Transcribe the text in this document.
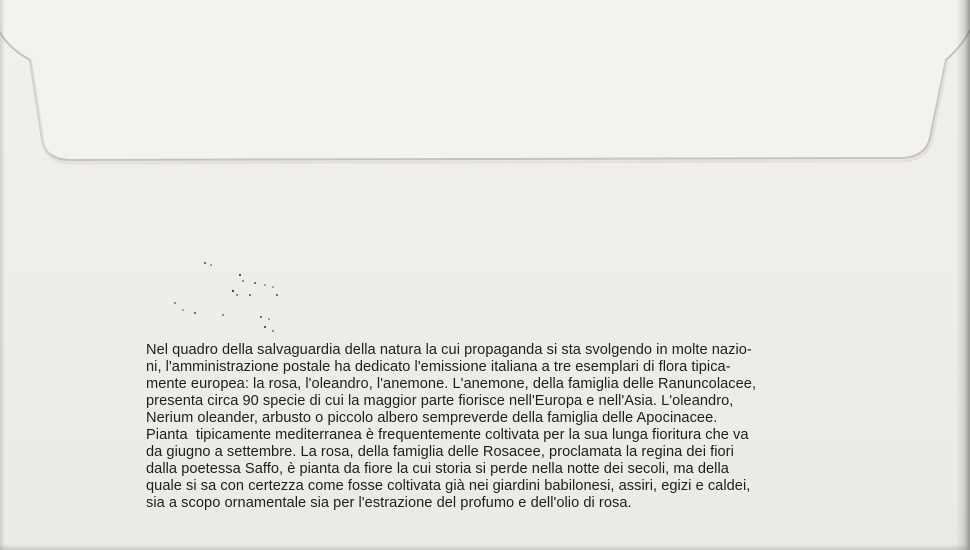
Nel quadro della salvaguardia della natura la cui propaganda si sta svolgendo in molte nazio-
ni, l'amministrazione postale ha dedicato l'emissione italiana a tre esemplari di flora tipica-
mente europea: la rosa, l'oleandro, l'anemone. L'anemone, della famiglia delle Ranuncolacee,
presenta circa 90 specie di cui la maggior parte fiorisce nell'Europa e nell'Asia. L'oleandro,
Nerium oleander, arbusto o piccolo albero sempreverde della famiglia delle Apocinacee.
Pianta  tipicamente mediterranea è frequentemente coltivata per la sua lunga fioritura che va
da giugno a settembre. La rosa, della famiglia delle Rosacee, proclamata la regina dei fiori
dalla poetessa Saffo, è pianta da fiore la cui storia si perde nella notte dei secoli, ma della
quale si sa con certezza come fosse coltivata già nei giardini babilonesi, assiri, egizi e caldei,
sia a scopo ornamentale sia per l'estrazione del profumo e dell'olio di rosa.
